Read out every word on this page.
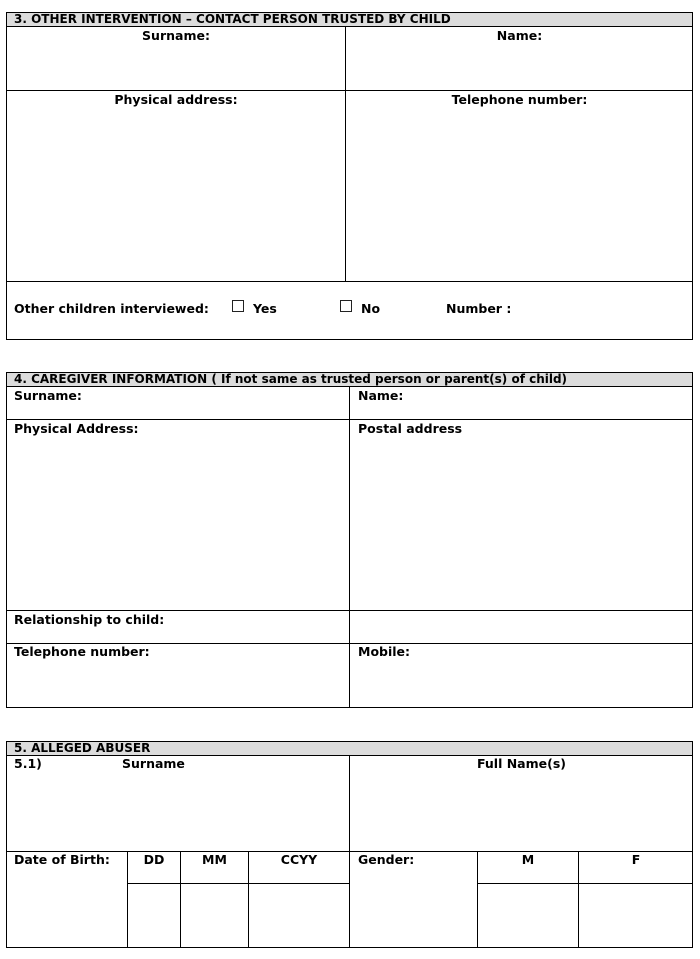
3. OTHER INTERVENTION – CONTACT PERSON TRUSTED BY CHILD
Surname:	Name:
Physical address:	Telephone number:
Other children interviewed:	Yes	No	Number :
4. CAREGIVER INFORMATION ( If not same as trusted person or parent(s) of child)
Surname:	Name:
Physical Address:	Postal address
Relationship to child:
Telephone number:	Mobile:
5. ALLEGED ABUSER
5.1)	Surname	Full Name(s)
Date of Birth:	DD	MM	CCYY	Gender:	M	F
